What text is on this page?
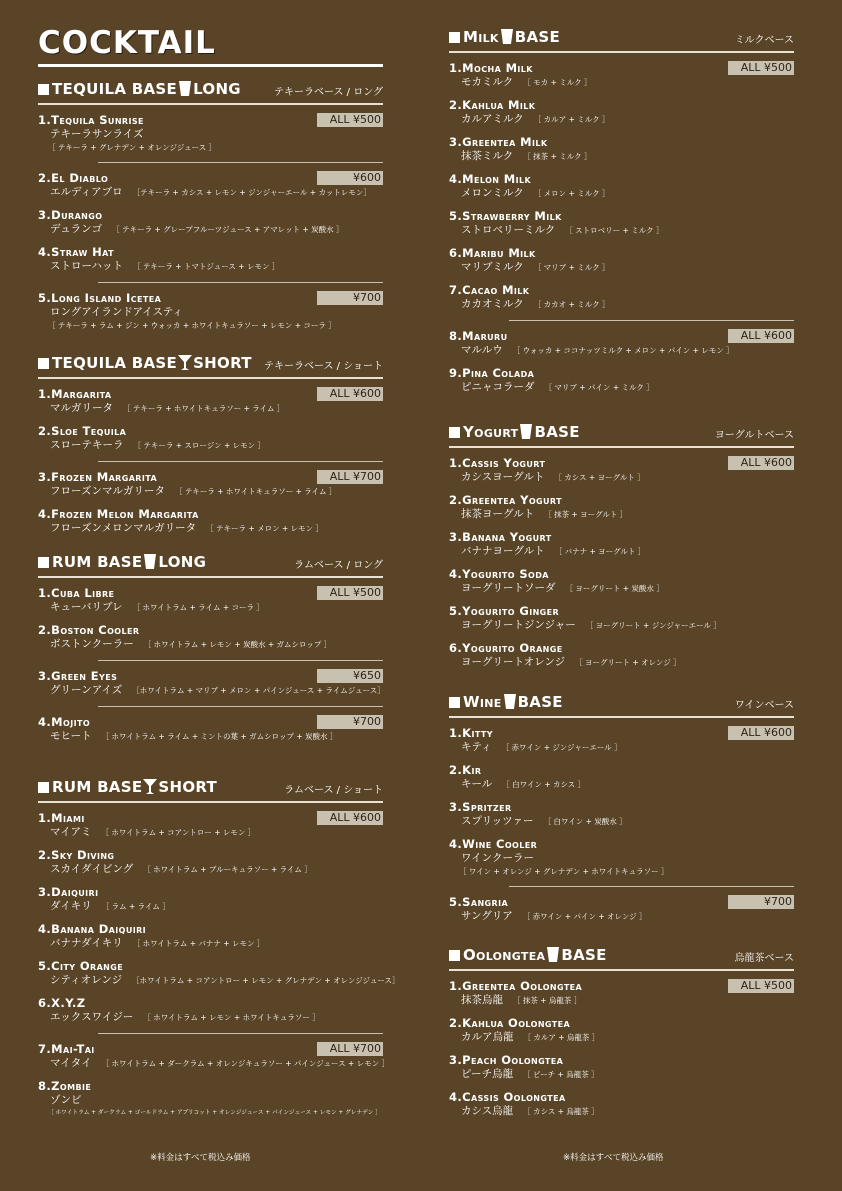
COCKTAIL
TEQUILA BASE LONG	テキーラベース / ロング
1.Tequila Sunrise
テキーラサンライズ
［ テキーラ + グレナデン + オレンジジュース ］
ALL ¥500
2.El Diablo
エルディアブロ ［テキーラ + カシス + レモン + ジンジャーエール + カットレモン］
¥600
3.Durango
デュランゴ ［ テキーラ + グレープフルーツジュース + アマレット + 炭酸水 ］
4.Straw Hat
ストローハット ［ テキーラ + トマトジュース + レモン ］
5.Long Island Icetea
ロングアイランドアイスティ
［ テキーラ + ラム + ジン + ウォッカ + ホワイトキュラソー + レモン + コーラ ］
¥700
TEQUILA BASE SHORT テキーラベース / ショート
1.Margarita
マルガリータ ［ テキーラ + ホワイトキュラソー + ライム ］
ALL ¥600
2.Sloe Tequila
スローテキーラ ［ テキーラ + スロージン + レモン ］
3.Frozen Margarita
フローズンマルガリータ ［ テキーラ + ホワイトキュラソー + ライム ］
ALL ¥700
4.Frozen Melon Margarita
フローズンメロンマルガリータ ［ テキーラ + メロン + レモン ］
RUM BASE LONG	ラムベース / ロング
1.Cuba Libre
キューバリブレ ［ ホワイトラム + ライム + コーラ ］
ALL ¥500
2.Boston Cooler
ボストンクーラー ［ ホワイトラム + レモン + 炭酸水 + ガムシロップ ］
3.Green Eyes
グリーンアイズ ［ホワイトラム + マリブ + メロン + パインジュース + ライムジュース］
¥650
4.Mojito
モヒート ［ ホワイトラム + ライム + ミントの葉 + ガムシロップ + 炭酸水 ］
¥700
RUM BASE SHORT	ラムベース / ショート
1.Miami
マイアミ ［ ホワイトラム + コアントロー + レモン ］
ALL ¥600
2.Sky Diving
スカイダイビング ［ ホワイトラム + ブルーキュラソー + ライム ］
3.Daiquiri
ダイキリ ［ ラム + ライム ］
4.Banana Daiquiri
バナナダイキリ ［ ホワイトラム + バナナ + レモン ］
5.City Orange
シティオレンジ ［ホワイトラム + コアントロー + レモン + グレナデン + オレンジジュース］
6.X.Y.Z
エックスワイジー ［ ホワイトラム + レモン + ホワイトキュラソー ］
7.Mai-Tai
マイタイ ［ ホワイトラム + ダークラム + オレンジキュラソー + パインジュース + レモン ］
ALL ¥700
8.Zombie
ゾンビ
［ ホワイトラム + ダークラム + ゴールドラム + アプリコット + オレンジジュース + パインジュース + レモン + グレナデン ］
Milk BASE	ミルクベース
1.Mocha Milk
モカミルク ［ モカ + ミルク ］
ALL ¥500
2.Kahlua Milk
カルアミルク ［ カルア + ミルク ］
3.Greentea Milk
抹茶ミルク ［ 抹茶 + ミルク ］
4.Melon Milk
メロンミルク ［ メロン + ミルク ］
5.Strawberry Milk
ストロベリーミルク ［ ストロベリー + ミルク ］
6.Maribu Milk
マリブミルク ［ マリブ + ミルク ］
7.Cacao Milk
カカオミルク ［ カカオ + ミルク ］
8.Maruru
マルルウ ［ ウォッカ + ココナッツミルク + メロン + パイン + レモン ］
ALL ¥600
9.Pina Colada
ピニャコラーダ ［ マリブ + パイン + ミルク ］
Yogurt BASE	ヨーグルトベース
1.Cassis Yogurt
カシスヨーグルト ［ カシス + ヨーグルト ］
ALL ¥600
2.Greentea Yogurt
抹茶ヨーグルト ［ 抹茶 + ヨーグルト ］
3.Banana Yogurt
バナナヨーグルト ［ バナナ + ヨーグルト ］
4.Yogurito Soda
ヨーグリートソーダ ［ ヨーグリート + 炭酸水 ］
5.Yogurito Ginger
ヨーグリートジンジャー ［ ヨーグリート + ジンジャーエール ］
6.Yogurito Orange
ヨーグリートオレンジ ［ ヨーグリート + オレンジ ］
Wine BASE	ワインベース
1.Kitty
キティ ［ 赤ワイン + ジンジャーエール ］
ALL ¥600
2.Kir
キール ［ 白ワイン + カシス ］
3.Spritzer
スプリッツァー ［ 白ワイン + 炭酸水 ］
4.Wine Cooler
ワインクーラー
［ ワイン + オレンジ + グレナデン + ホワイトキュラソー ］
5.Sangria
サングリア ［ 赤ワイン + パイン + オレンジ ］
¥700
Oolongtea BASE	烏龍茶ベース
1.Greentea Oolongtea
抹茶烏龍 ［ 抹茶 + 烏龍茶 ］
ALL ¥500
2.Kahlua Oolongtea
カルア烏龍 ［ カルア + 烏龍茶 ］
3.Peach Oolongtea
ピーチ烏龍 ［ ピーチ + 烏龍茶 ］
4.Cassis Oolongtea
カシス烏龍 ［ カシス + 烏龍茶 ］
※料金はすべて税込み価格	※料金はすべて税込み価格
